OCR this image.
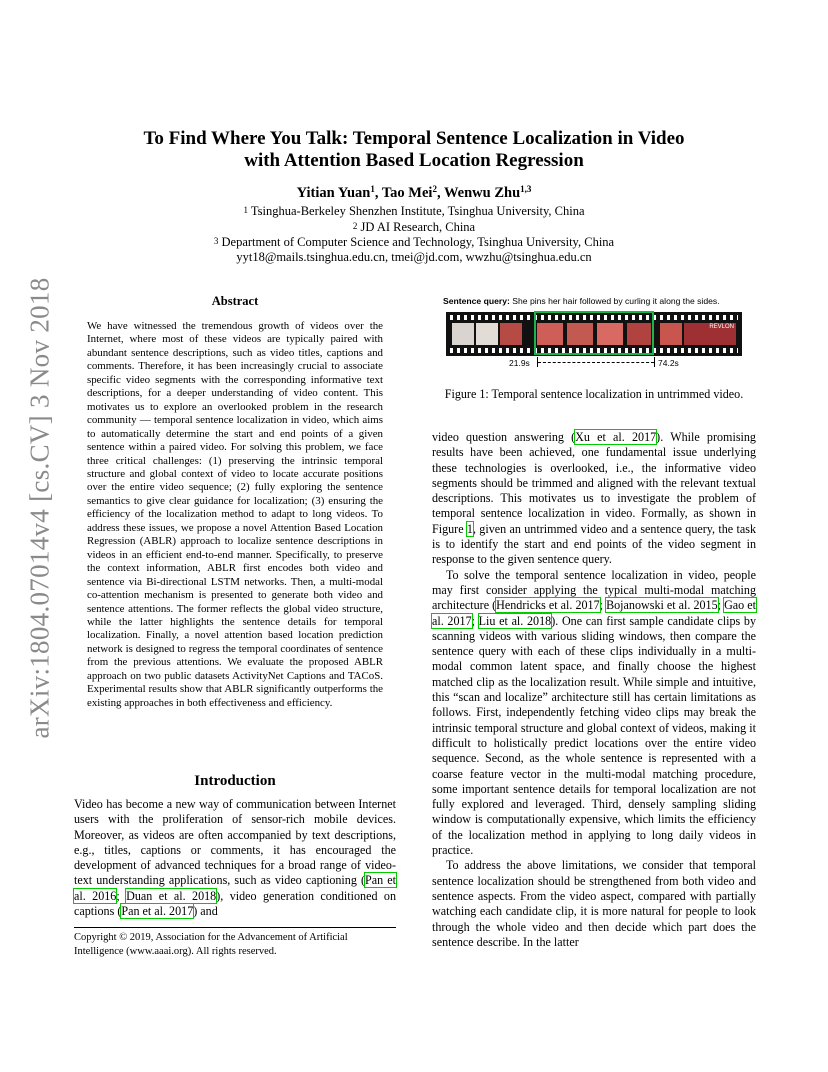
arXiv:1804.07014v4 [cs.CV] 3 Nov 2018
To Find Where You Talk: Temporal Sentence Localization in Video
with Attention Based Location Regression
Yitian Yuan$^1$, Tao Mei$^2$, Wenwu Zhu$^{1,3}$
$^1$ Tsinghua-Berkeley Shenzhen Institute, Tsinghua University, China
$^2$ JD AI Research, China
$^3$ Department of Computer Science and Technology, Tsinghua University, China
yyt18@mails.tsinghua.edu.cn, tmei@jd.com, wwzhu@tsinghua.edu.cn
Abstract
We have witnessed the tremendous growth of videos over the Internet, where most of these videos are typically paired with abundant sentence descriptions, such as video titles, captions and comments. Therefore, it has been increasingly crucial to associate specific video segments with the corresponding informative text descriptions, for a deeper understanding of video content. This motivates us to explore an overlooked problem in the research community — temporal sentence localization in video, which aims to automatically determine the start and end points of a given sentence within a paired video. For solving this problem, we face three critical challenges: (1) preserving the intrinsic temporal structure and global context of video to locate accurate positions over the entire video sequence; (2) fully exploring the sentence semantics to give clear guidance for localization; (3) ensuring the efficiency of the localization method to adapt to long videos. To address these issues, we propose a novel Attention Based Location Regression (ABLR) approach to localize sentence descriptions in videos in an efficient end-to-end manner. Specifically, to preserve the context information, ABLR first encodes both video and sentence via Bi-directional LSTM networks. Then, a multi-modal co-attention mechanism is presented to generate both video and sentence attentions. The former reflects the global video structure, while the latter highlights the sentence details for temporal localization. Finally, a novel attention based location prediction network is designed to regress the temporal coordinates of sentence from the previous attentions. We evaluate the proposed ABLR approach on two public datasets ActivityNet Captions and TACoS. Experimental results show that ABLR significantly outperforms the existing approaches in both effectiveness and efficiency.
Introduction
Video has become a new way of communication between Internet users with the proliferation of sensor-rich mobile devices. Moreover, as videos are often accompanied by text descriptions, e.g., titles, captions or comments, it has encouraged the development of advanced techniques for a broad range of video-text understanding applications, such as video captioning (Pan et al. 2016; Duan et al. 2018), video generation conditioned on captions (Pan et al. 2017) and
Copyright © 2019, Association for the Advancement of Artificial Intelligence (www.aaai.org). All rights reserved.
Sentence query: She pins her hair followed by curling it along the sides.
REVLON
21.9s	74.2s
Figure 1: Temporal sentence localization in untrimmed video.

video question answering (Xu et al. 2017). While promising results have been achieved, one fundamental issue underlying these technologies is overlooked, i.e., the informative video segments should be trimmed and aligned with the relevant textual descriptions. This motivates us to investigate the problem of temporal sentence localization in video. Formally, as shown in Figure 1, given an untrimmed video and a sentence query, the task is to identify the start and end points of the video segment in response to the given sentence query.

To solve the temporal sentence localization in video, people may first consider applying the typical multi-modal matching architecture (Hendricks et al. 2017; Bojanowski et al. 2015; Gao et al. 2017; Liu et al. 2018). One can first sample candidate clips by scanning videos with various sliding windows, then compare the sentence query with each of these clips individually in a multi-modal common latent space, and finally choose the highest matched clip as the localization result. While simple and intuitive, this “scan and localize” architecture still has certain limitations as follows. First, independently fetching video clips may break the intrinsic temporal structure and global context of videos, making it difficult to holistically predict locations over the entire video sequence. Second, as the whole sentence is represented with a coarse feature vector in the multi-modal matching procedure, some important sentence details for temporal localization are not fully explored and leveraged. Third, densely sampling sliding window is computationally expensive, which limits the efficiency of the localization method in applying to long daily videos in practice.

To address the above limitations, we consider that temporal sentence localization should be strengthened from both video and sentence aspects. From the video aspect, compared with partially watching each candidate clip, it is more natural for people to look through the whole video and then decide which part does the sentence describe. In the latter
